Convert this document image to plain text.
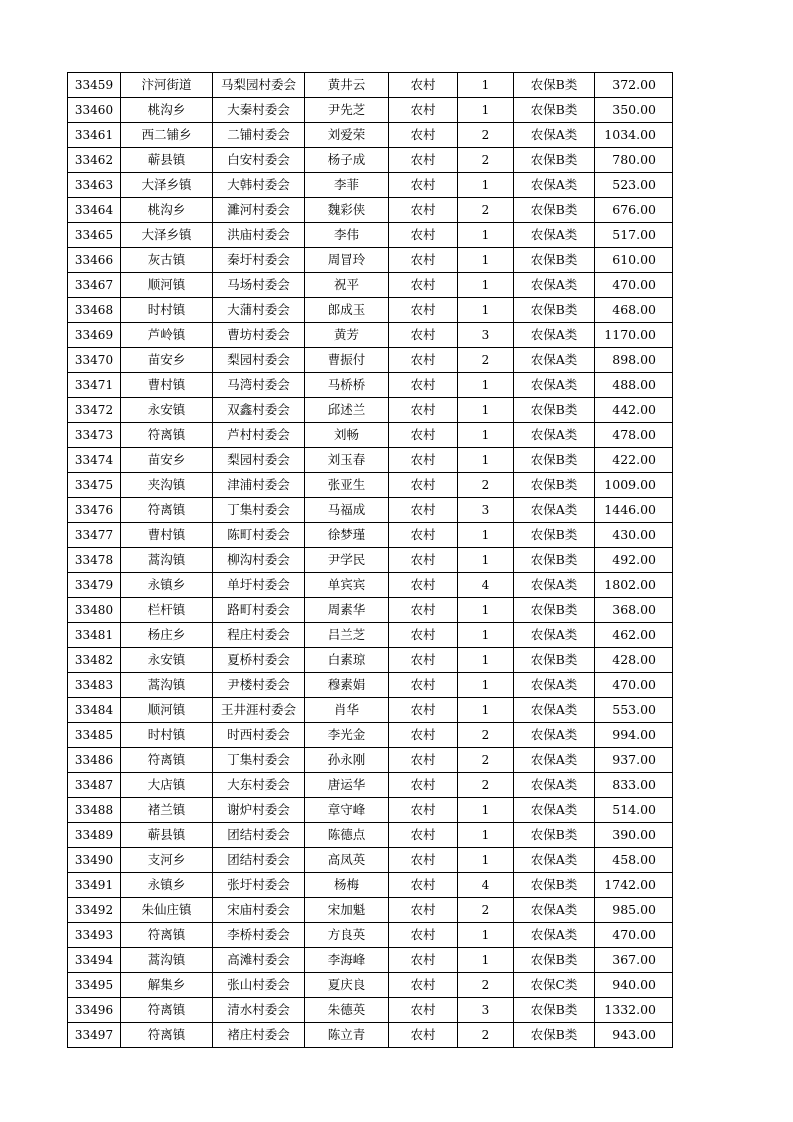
33459	汴河街道	马梨园村委会	黄井云	农村	1	农保B类	372.00
33460	桃沟乡	大秦村委会	尹先芝	农村	1	农保B类	350.00
33461	西二铺乡	二铺村委会	刘爱荣	农村	2	农保A类	1034.00
33462	蕲县镇	白安村委会	杨子成	农村	2	农保B类	780.00
33463	大泽乡镇	大韩村委会	李菲	农村	1	农保A类	523.00
33464	桃沟乡	濉河村委会	魏彩侠	农村	2	农保B类	676.00
33465	大泽乡镇	洪庙村委会	李伟	农村	1	农保A类	517.00
33466	灰古镇	秦圩村委会	周冒玲	农村	1	农保B类	610.00
33467	顺河镇	马场村委会	祝平	农村	1	农保A类	470.00
33468	时村镇	大蒲村委会	郎成玉	农村	1	农保B类	468.00
33469	芦岭镇	曹坊村委会	黄芳	农村	3	农保A类	1170.00
33470	苗安乡	梨园村委会	曹振付	农村	2	农保A类	898.00
33471	曹村镇	马湾村委会	马桥桥	农村	1	农保A类	488.00
33472	永安镇	双鑫村委会	邱述兰	农村	1	农保B类	442.00
33473	符离镇	芦村村委会	刘畅	农村	1	农保A类	478.00
33474	苗安乡	梨园村委会	刘玉春	农村	1	农保B类	422.00
33475	夹沟镇	津浦村委会	张亚生	农村	2	农保B类	1009.00
33476	符离镇	丁集村委会	马福成	农村	3	农保A类	1446.00
33477	曹村镇	陈町村委会	徐梦瑾	农村	1	农保B类	430.00
33478	蒿沟镇	柳沟村委会	尹学民	农村	1	农保B类	492.00
33479	永镇乡	单圩村委会	单宾宾	农村	4	农保A类	1802.00
33480	栏杆镇	路町村委会	周素华	农村	1	农保B类	368.00
33481	杨庄乡	程庄村委会	吕兰芝	农村	1	农保A类	462.00
33482	永安镇	夏桥村委会	白素琼	农村	1	农保B类	428.00
33483	蒿沟镇	尹楼村委会	穆素娟	农村	1	农保A类	470.00
33484	顺河镇	王井涯村委会	肖华	农村	1	农保A类	553.00
33485	时村镇	时西村委会	李光金	农村	2	农保A类	994.00
33486	符离镇	丁集村委会	孙永刚	农村	2	农保A类	937.00
33487	大店镇	大东村委会	唐运华	农村	2	农保A类	833.00
33488	褚兰镇	谢炉村委会	章守峰	农村	1	农保A类	514.00
33489	蕲县镇	团结村委会	陈德点	农村	1	农保B类	390.00
33490	支河乡	团结村委会	高凤英	农村	1	农保A类	458.00
33491	永镇乡	张圩村委会	杨梅	农村	4	农保B类	1742.00
33492	朱仙庄镇	宋庙村委会	宋加魁	农村	2	农保A类	985.00
33493	符离镇	李桥村委会	方良英	农村	1	农保A类	470.00
33494	蒿沟镇	高滩村委会	李海峰	农村	1	农保B类	367.00
33495	解集乡	张山村委会	夏庆良	农村	2	农保C类	940.00
33496	符离镇	清水村委会	朱德英	农村	3	农保B类	1332.00
33497	符离镇	褚庄村委会	陈立青	农村	2	农保B类	943.00
